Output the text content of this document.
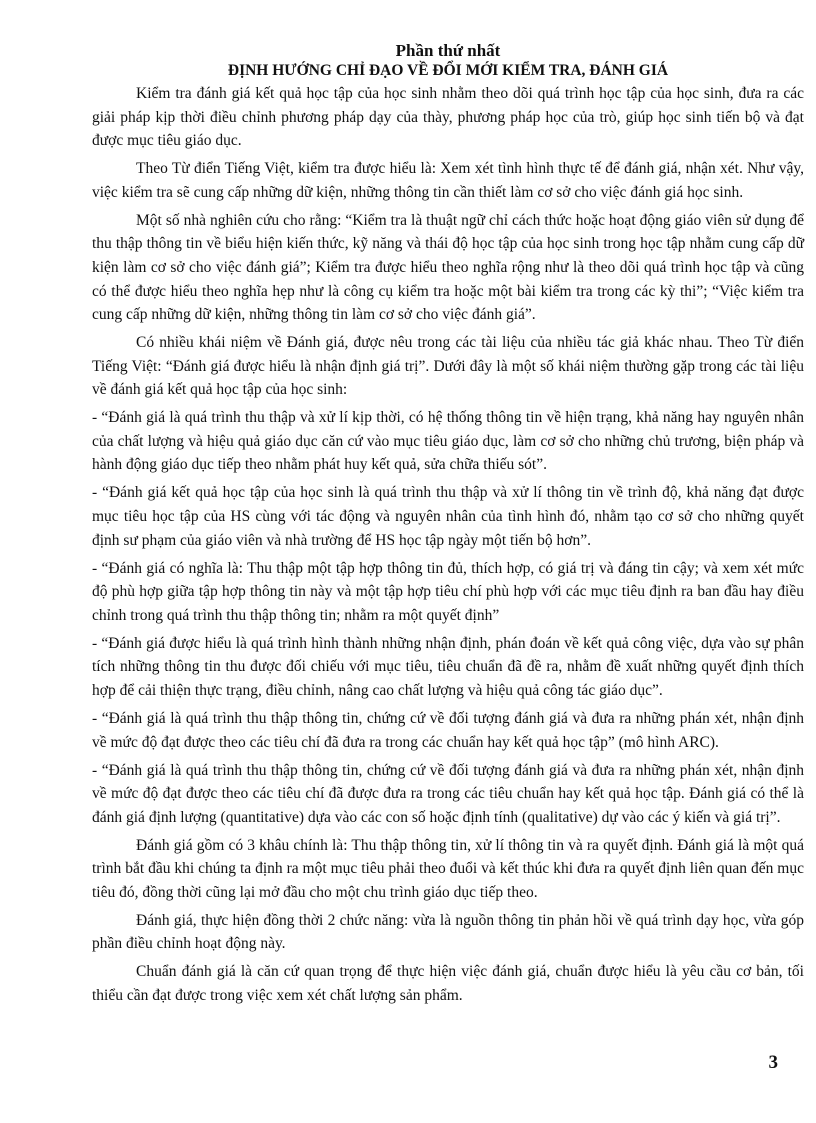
Phần thứ nhất
ĐỊNH HƯỚNG CHỈ ĐẠO VỀ ĐỔI MỚI KIỂM TRA, ĐÁNH GIÁ

Kiểm tra đánh giá kết quả học tập của học sinh nhằm theo dõi quá trình học tập của học sinh, đưa ra các giải pháp kịp thời điều chỉnh phương pháp dạy của thày, phương pháp học của trò, giúp học sinh tiến bộ và đạt được mục tiêu giáo dục.

Theo Từ điển Tiếng Việt, kiểm tra được hiểu là: Xem xét tình hình thực tế để đánh giá, nhận xét. Như vậy, việc kiểm tra sẽ cung cấp những dữ kiện, những thông tin cần thiết làm cơ sở cho việc đánh giá học sinh.

Một số nhà nghiên cứu cho rằng: “Kiểm tra là thuật ngữ chỉ cách thức hoặc hoạt động giáo viên sử dụng để thu thập thông tin về biểu hiện kiến thức, kỹ năng và thái độ học tập của học sinh trong học tập nhằm cung cấp dữ kiện làm cơ sở cho việc đánh giá”; Kiểm tra được hiểu theo nghĩa rộng như là theo dõi quá trình học tập và cũng có thể được hiểu theo nghĩa hẹp như là công cụ kiểm tra hoặc một bài kiểm tra trong các kỳ thi”; “Việc kiểm tra cung cấp những dữ kiện, những thông tin làm cơ sở cho việc đánh giá”.

Có nhiều khái niệm về Đánh giá, được nêu trong các tài liệu của nhiều tác giả khác nhau. Theo Từ điển Tiếng Việt: “Đánh giá được hiểu là nhận định giá trị”. Dưới đây là một số khái niệm thường gặp trong các tài liệu về đánh giá kết quả học tập của học sinh:

- “Đánh giá là quá trình thu thập và xử lí kịp thời, có hệ thống thông tin về hiện trạng, khả năng hay nguyên nhân của chất lượng và hiệu quả giáo dục căn cứ vào mục tiêu giáo dục, làm cơ sở cho những chủ trương, biện pháp và hành động giáo dục tiếp theo nhằm phát huy kết quả, sửa chữa thiếu sót”.

- “Đánh giá kết quả học tập của học sinh là quá trình thu thập và xử lí thông tin về trình độ, khả năng đạt được mục tiêu học tập của HS cùng với tác động và nguyên nhân của tình hình đó, nhằm tạo cơ sở cho những quyết định sư phạm của giáo viên và nhà trường để HS học tập ngày một tiến bộ hơn”.

- “Đánh giá có nghĩa là: Thu thập một tập hợp thông tin đủ, thích hợp, có giá trị và đáng tin cậy; và xem xét mức độ phù hợp giữa tập hợp thông tin này và một tập hợp tiêu chí phù hợp với các mục tiêu định ra ban đầu hay điều chỉnh trong quá trình thu thập thông tin; nhằm ra một quyết định”

- “Đánh giá được hiểu là quá trình hình thành những nhận định, phán đoán về kết quả công việc, dựa vào sự phân tích những thông tin thu được đối chiếu với mục tiêu, tiêu chuẩn đã đề ra, nhằm đề xuất những quyết định thích hợp để cải thiện thực trạng, điều chỉnh, nâng cao chất lượng và hiệu quả công tác giáo dục”.

- “Đánh giá là quá trình thu thập thông tin, chứng cứ về đối tượng đánh giá và đưa ra những phán xét, nhận định về mức độ đạt được theo các tiêu chí đã đưa ra trong các chuẩn hay kết quả học tập” (mô hình ARC).

- “Đánh giá là quá trình thu thập thông tin, chứng cứ về đối tượng đánh giá và đưa ra những phán xét, nhận định về mức độ đạt được theo các tiêu chí đã được đưa ra trong các tiêu chuẩn hay kết quả học tập. Đánh giá có thể là đánh giá định lượng (quantitative) dựa vào các con số hoặc định tính (qualitative) dự vào các ý kiến và giá trị”.

Đánh giá gồm có 3 khâu chính là: Thu thập thông tin, xử lí thông tin và ra quyết định. Đánh giá là một quá trình bắt đầu khi chúng ta định ra một mục tiêu phải theo đuổi và kết thúc khi đưa ra quyết định liên quan đến mục tiêu đó, đồng thời cũng lại mở đầu cho một chu trình giáo dục tiếp theo.

Đánh giá, thực hiện đồng thời 2 chức năng: vừa là nguồn thông tin phản hồi về quá trình dạy học, vừa góp phần điều chỉnh hoạt động này.

Chuẩn đánh giá là căn cứ quan trọng để thực hiện việc đánh giá, chuẩn được hiểu là yêu cầu cơ bản, tối thiểu cần đạt được trong việc xem xét chất lượng sản phẩm.

3
